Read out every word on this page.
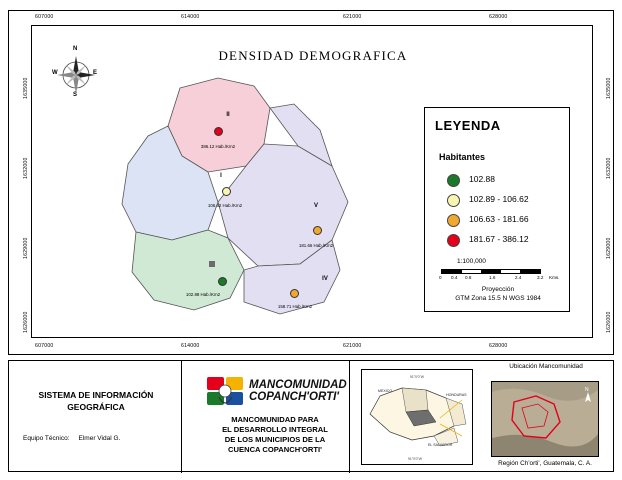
607000	614000	621000	628000
607000	614000	621000	628000
1635000
1632000
1629000
1626000
1635000
1632000
1629000
1626000
DENSIDAD DEMOGRAFICA
N
S
E
W
II
386.12 Hab./Km2
I
106.62 Hab./Km2	V
181.66 Hab./Km2
102.88 Hab./Km2
IV
158.71 Hab./Km2
LEYENDA
Habitantes
102.88
102.89 - 106.62
106.63 - 181.66
181.67 - 386.12
1:100,000
0 0.4 0.8	1.6	2.4	3.2 Kms.
Proyección
GTM Zona 15.5 N WGS 1984
SISTEMA DE INFORMACIÓN GEOGRÁFICA
Equipo Técnico: Elmer Vidal G.
MANCOMUNIDAD
COPANCH'ORTI'
MANCOMUNIDAD PARA
EL DESARROLLO INTEGRAL
DE LOS MUNICIPIOS DE LA
CUENCA COPANCH'ORTI'
HONDURAS
EL SALVADOR
MEXICO
91°0'0"W
91°0'0"W
Ubicación Mancomunidad
N
Región Ch'orti', Guatemala, C. A.
